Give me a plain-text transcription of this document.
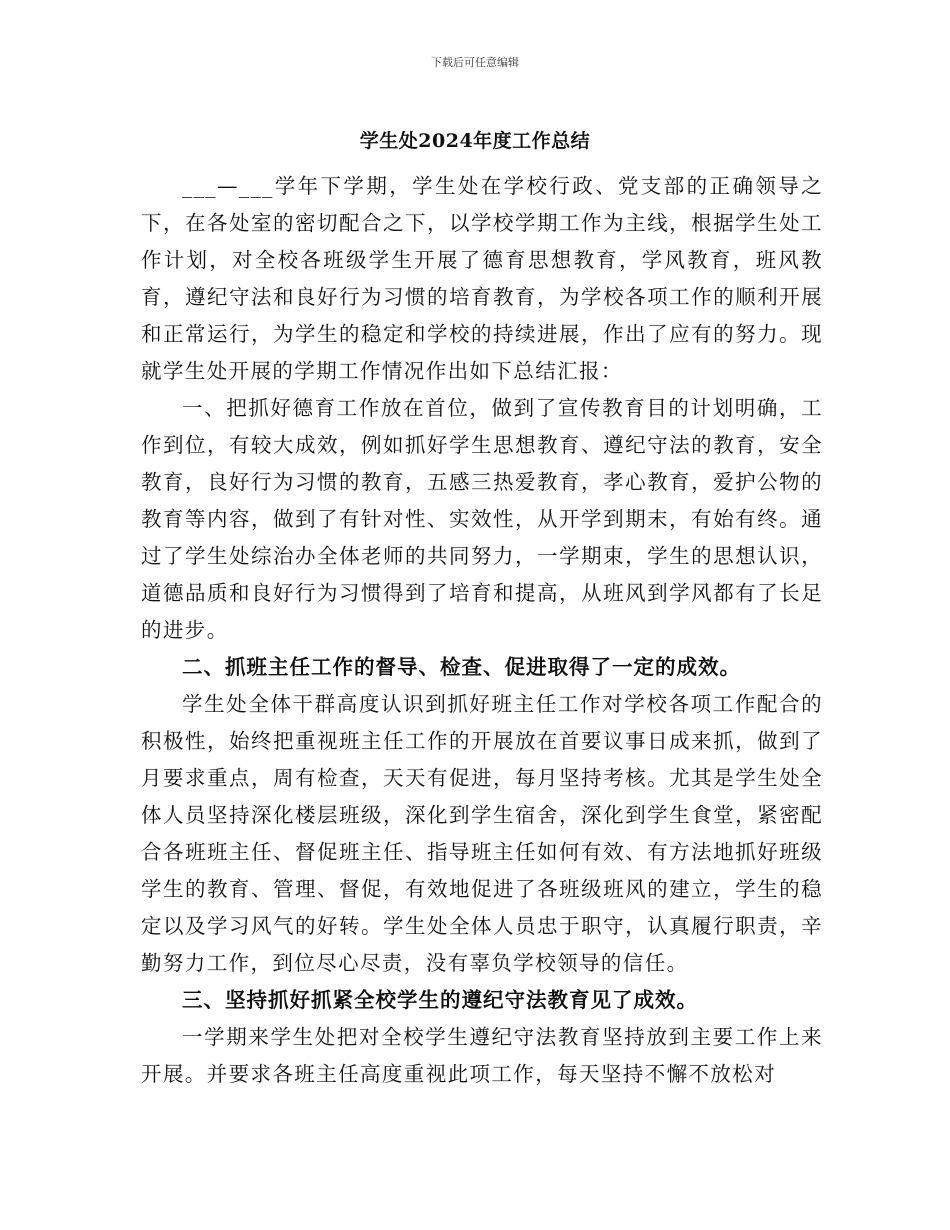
下载后可任意编辑
学生处2024年度工作总结

___—___学年下学期，学生处在学校行政、党支部的正确领导之下，在各处室的密切配合之下，以学校学期工作为主线，根据学生处工作计划，对全校各班级学生开展了德育思想教育，学风教育，班风教育，遵纪守法和良好行为习惯的培育教育，为学校各项工作的顺利开展和正常运行，为学生的稳定和学校的持续进展，作出了应有的努力。现就学生处开展的学期工作情况作出如下总结汇报：

一、把抓好德育工作放在首位，做到了宣传教育目的计划明确，工作到位，有较大成效，例如抓好学生思想教育、遵纪守法的教育，安全教育，良好行为习惯的教育，五感三热爱教育，孝心教育，爱护公物的教育等内容，做到了有针对性、实效性，从开学到期末，有始有终。通过了学生处综治办全体老师的共同努力，一学期束，学生的思想认识，道德品质和良好行为习惯得到了培育和提高，从班风到学风都有了长足的进步。

二、抓班主任工作的督导、检查、促进取得了一定的成效。

学生处全体干群高度认识到抓好班主任工作对学校各项工作配合的积极性，始终把重视班主任工作的开展放在首要议事日成来抓，做到了月要求重点，周有检查，天天有促进，每月坚持考核。尤其是学生处全体人员坚持深化楼层班级，深化到学生宿舍，深化到学生食堂，紧密配合各班班主任、督促班主任、指导班主任如何有效、有方法地抓好班级学生的教育、管理、督促，有效地促进了各班级班风的建立，学生的稳定以及学习风气的好转。学生处全体人员忠于职守，认真履行职责，辛勤努力工作，到位尽心尽责，没有辜负学校领导的信任。

三、坚持抓好抓紧全校学生的遵纪守法教育见了成效。

一学期来学生处把对全校学生遵纪守法教育坚持放到主要工作上来开展。并要求各班主任高度重视此项工作，每天坚持不懈不放松对
